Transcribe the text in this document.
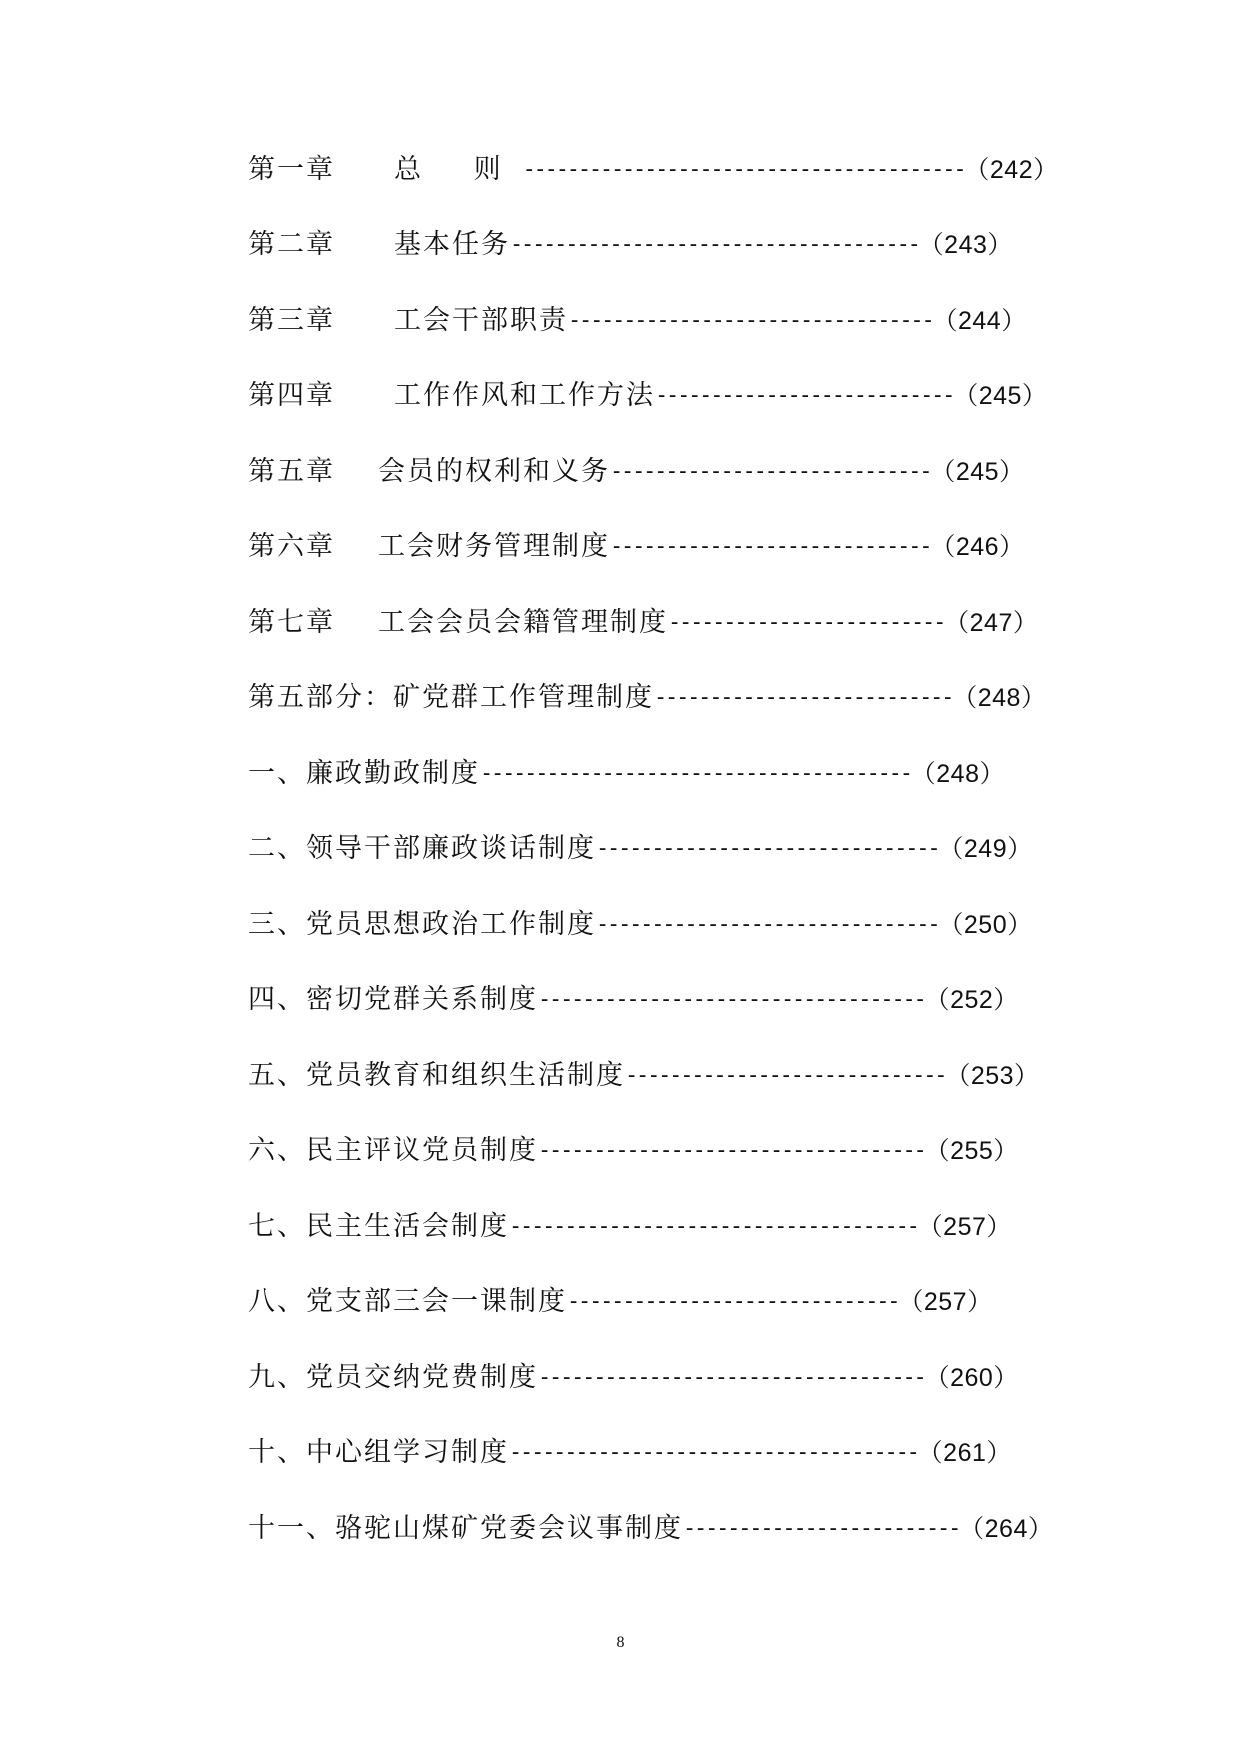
第一章 总 则----------------------------------------（242）
第二章 基本任务-------------------------------------（243）
第三章 工会干部职责---------------------------------（244）
第四章 工作作风和工作方法---------------------------（245）
第五章 会员的权利和义务-----------------------------（245）
第六章 工会财务管理制度-----------------------------（246）
第七章 工会会员会籍管理制度-------------------------（247）
第五部分：矿党群工作管理制度---------------------------（248）
一、廉政勤政制度---------------------------------------（248）
二、领导干部廉政谈话制度-------------------------------（249）
三、党员思想政治工作制度-------------------------------（250）
四、密切党群关系制度-----------------------------------（252）
五、党员教育和组织生活制度-----------------------------（253）
六、民主评议党员制度-----------------------------------（255）
七、民主生活会制度-------------------------------------（257）
八、党支部三会一课制度------------------------------（257）
九、党员交纳党费制度-----------------------------------（260）
十、中心组学习制度-------------------------------------（261）
十一、骆驼山煤矿党委会议事制度-------------------------（264）
8
